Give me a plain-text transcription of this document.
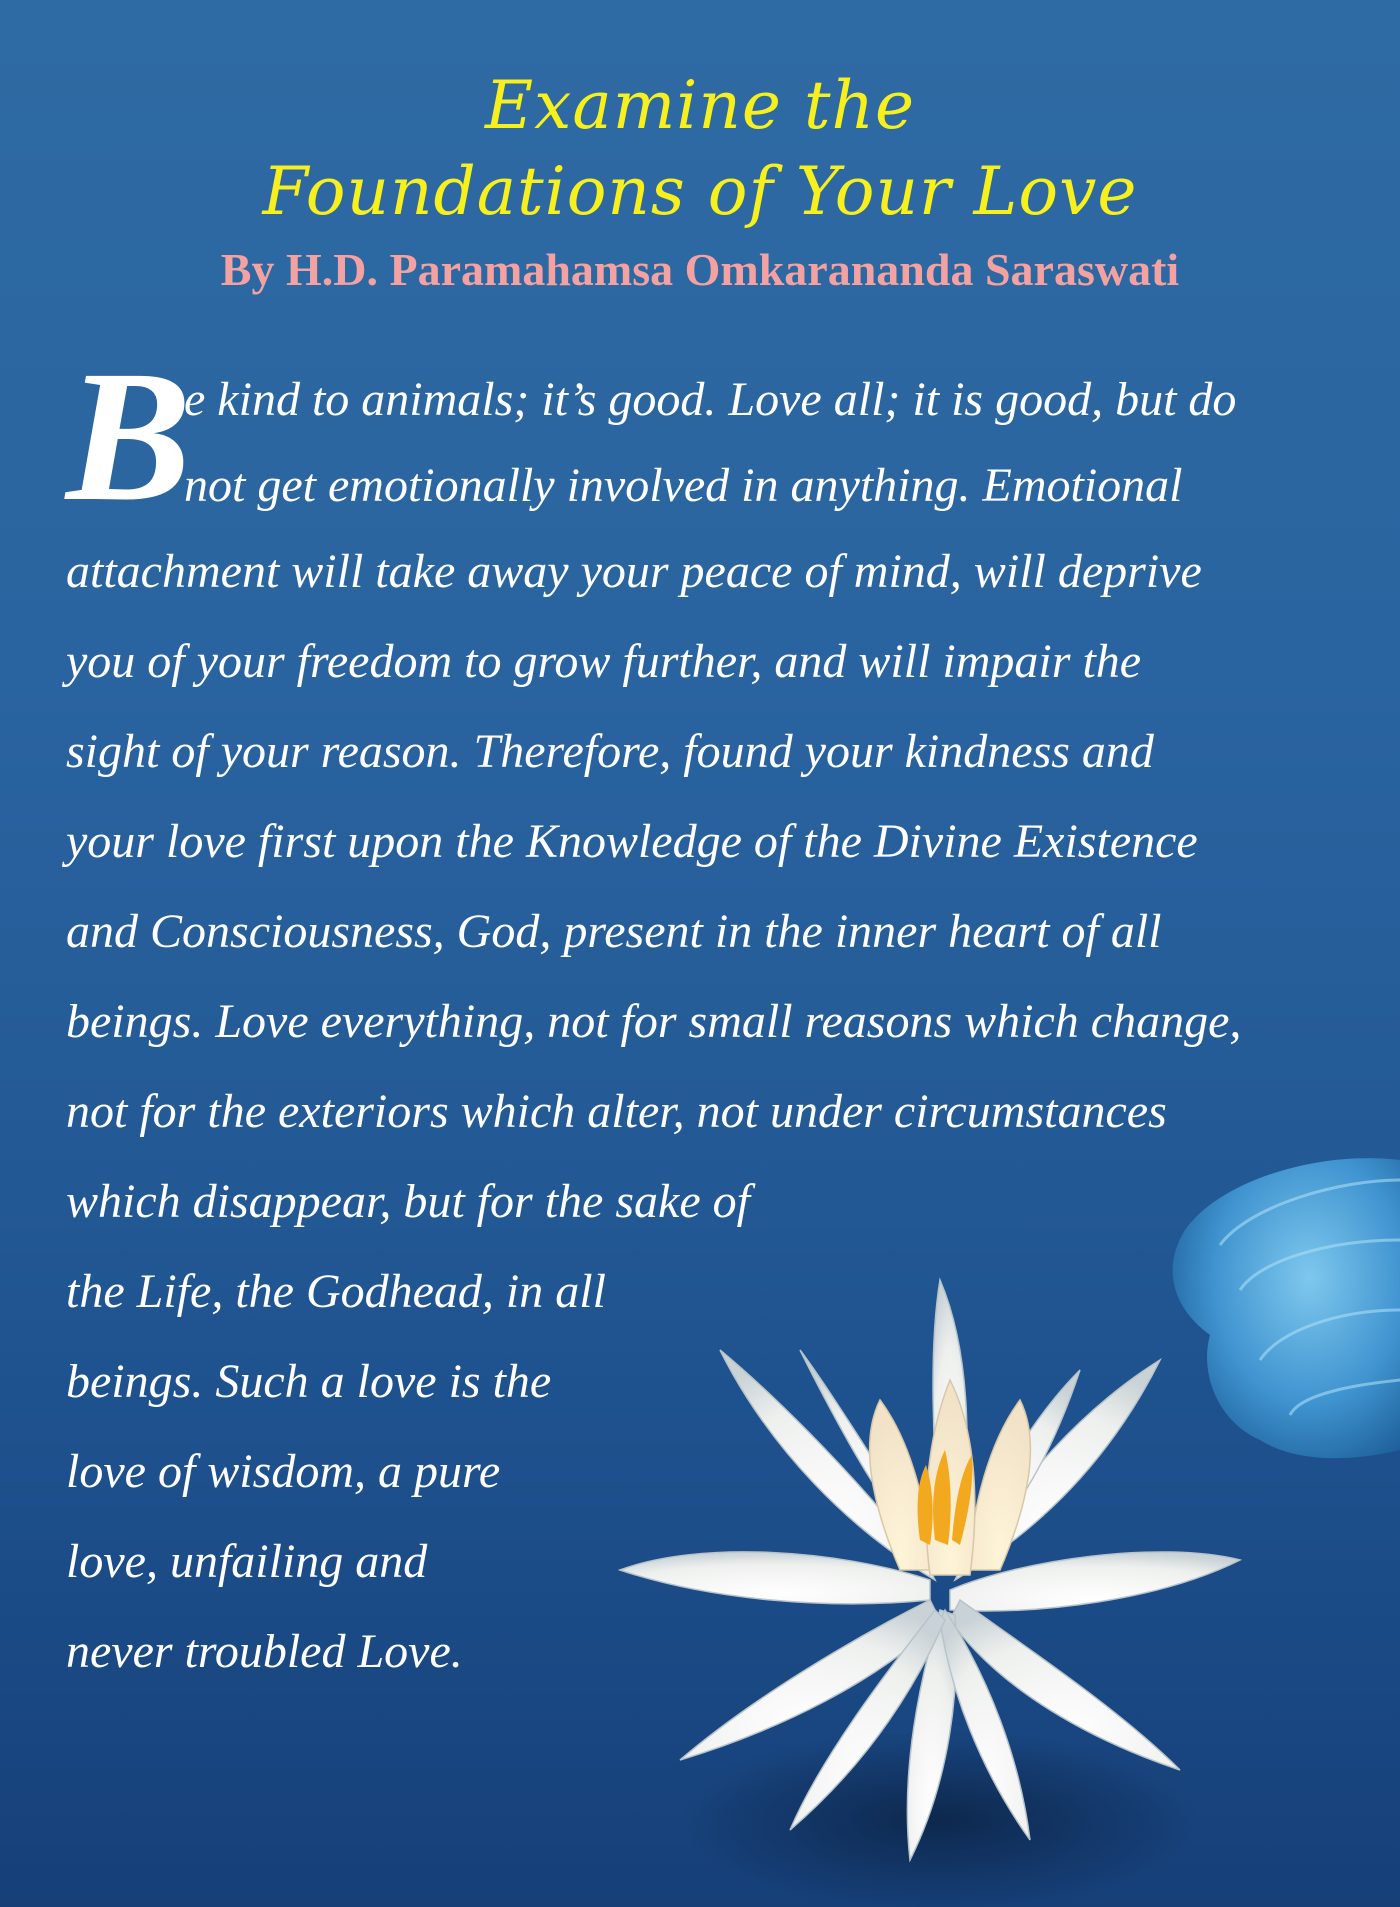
Examine the
Foundations of Your Love
By H.D. Paramahamsa Omkarananda Saraswati
B
e kind to animals; it’s good. Love all; it is good, but do
not get emotionally involved in anything. Emotional
attachment will take away your peace of mind, will deprive
you of your freedom to grow further, and will impair the
sight of your reason. Therefore, found your kindness and
your love first upon the Knowledge of the Divine Existence
and Consciousness, God, present in the inner heart of all
beings. Love everything, not for small reasons which change,
not for the exteriors which alter, not under circumstances
which disappear, but for the sake of
the Life, the Godhead, in all
beings. Such a love is the
love of wisdom, a pure
love, unfailing and
never troubled Love.
